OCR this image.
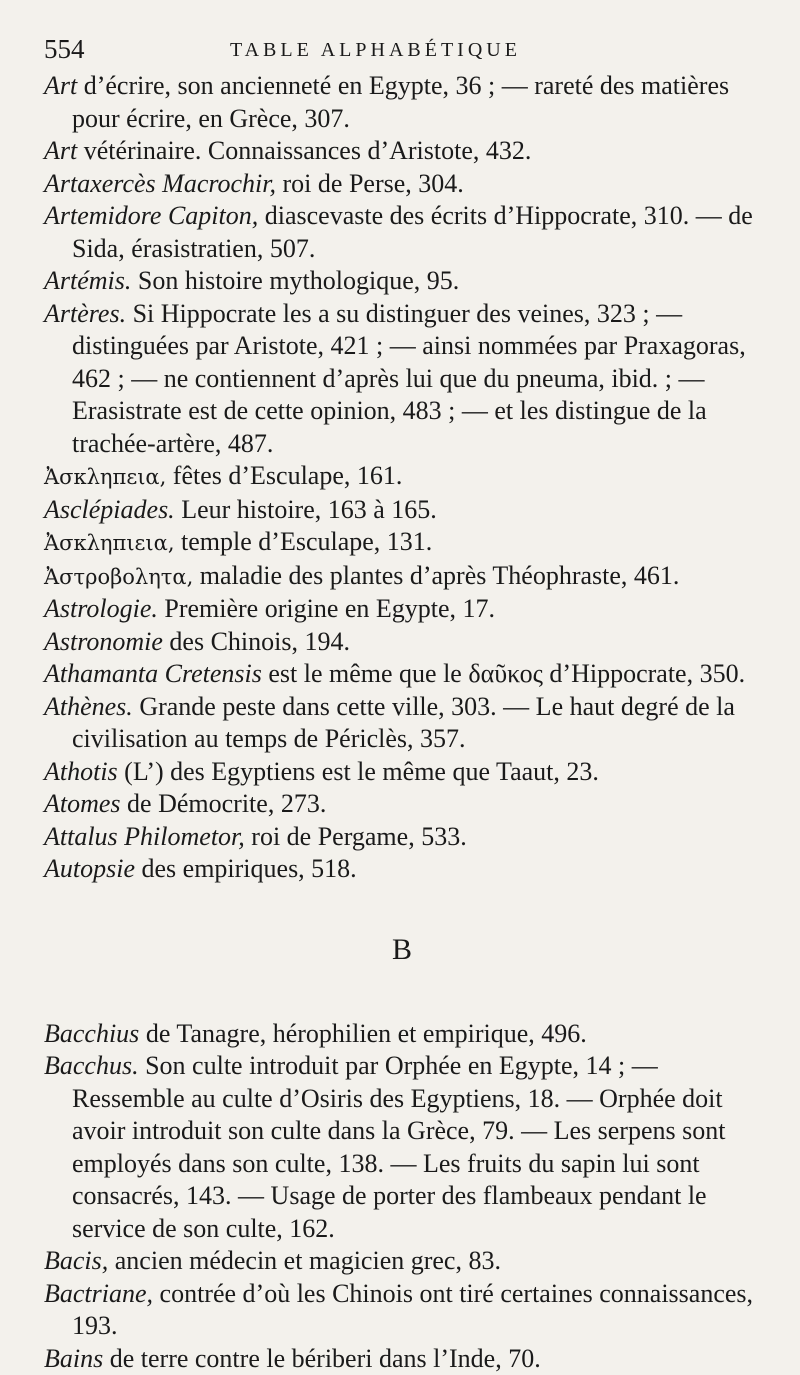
554	TABLE ALPHABÉTIQUE

Art d’écrire, son ancienneté en Egypte, 36 ; — rareté des matières pour écrire, en Grèce, 307.

Art vétérinaire. Connaissances d’Aristote, 432.

Artaxercès Macrochir, roi de Perse, 304.

Artemidore Capiton, diascevaste des écrits d’Hippocrate, 310. — de Sida, érasistratien, 507.

Artémis. Son histoire mythologique, 95.

Artères. Si Hippocrate les a su distinguer des veines, 323 ; — distinguées par Aristote, 421 ; — ainsi nommées par Praxagoras, 462 ; — ne contiennent d’après lui que du pneuma, ibid. ; — Erasistrate est de cette opinion, 483 ; — et les distingue de la trachée-artère, 487.

Ἀσκληπεια, fêtes d’Esculape, 161.

Asclépiades. Leur histoire, 163 à 165.

Ἀσκληπιεια, temple d’Esculape, 131.

Ἀστροβολητα, maladie des plantes d’après Théophraste, 461.

Astrologie. Première origine en Egypte, 17.

Astronomie des Chinois, 194.

Athamanta Cretensis est le même que le δαῦκος d’Hippocrate, 350.

Athènes. Grande peste dans cette ville, 303. — Le haut degré de la civilisation au temps de Périclès, 357.

Athotis (L’) des Egyptiens est le même que Taaut, 23.

Atomes de Démocrite, 273.

Attalus Philometor, roi de Pergame, 533.

Autopsie des empiriques, 518.

B

Bacchius de Tanagre, hérophilien et empirique, 496.

Bacchus. Son culte introduit par Orphée en Egypte, 14 ; — Ressemble au culte d’Osiris des Egyptiens, 18. — Orphée doit avoir introduit son culte dans la Grèce, 79. — Les serpens sont employés dans son culte, 138. — Les fruits du sapin lui sont consacrés, 143. — Usage de porter des flambeaux pendant le service de son culte, 162.

Bacis, ancien médecin et magicien grec, 83.

Bactriane, contrée d’où les Chinois ont tiré certaines connaissances, 193.

Bains de terre contre le bériberi dans l’Inde, 70.
